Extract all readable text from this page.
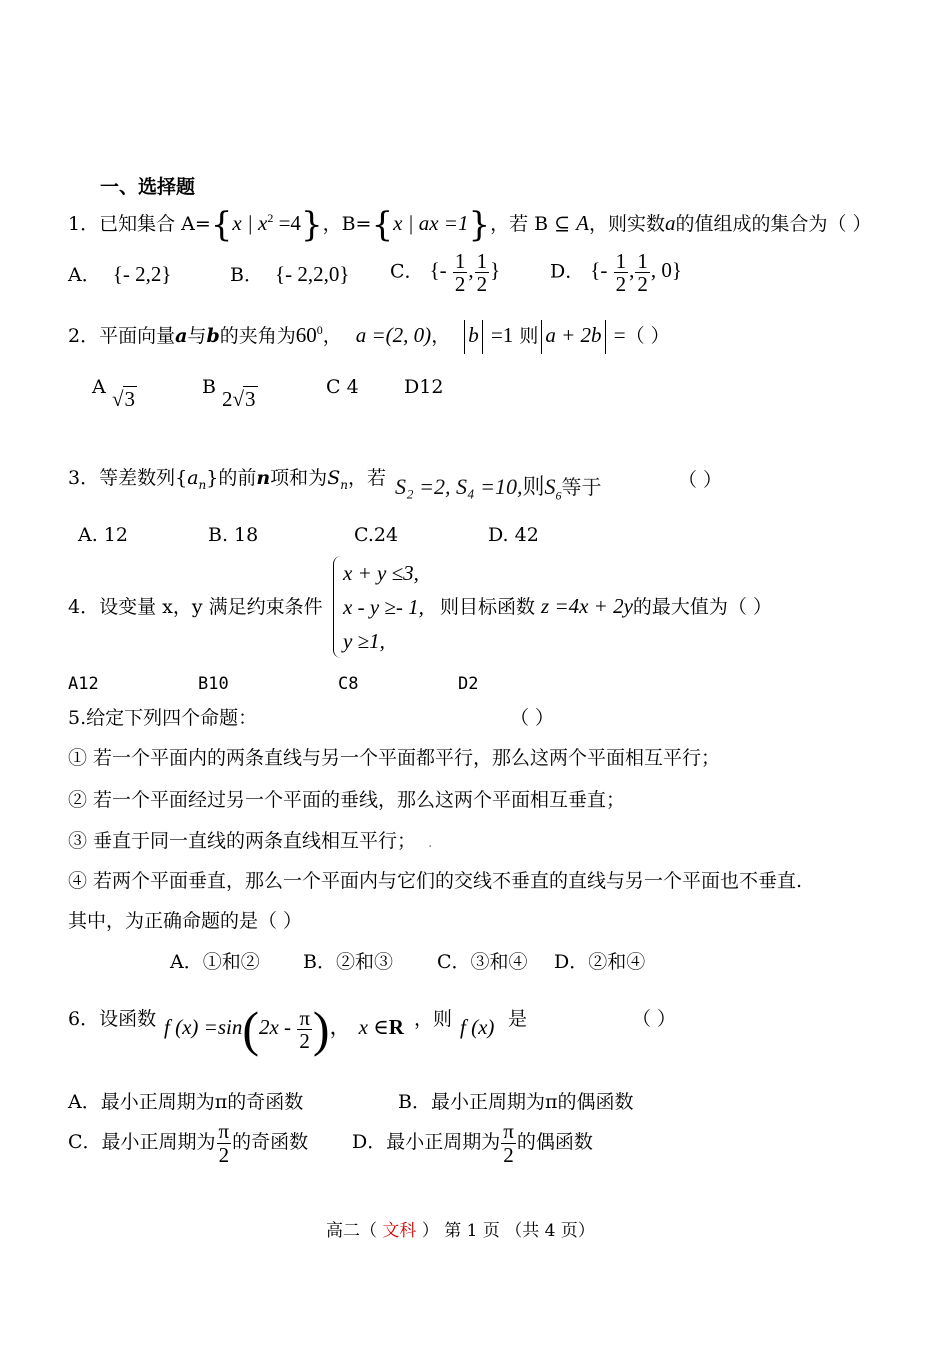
一、选择题
1．已知集合 A={x | $x^2 =4$}，B={x | ax =1}，若 B ⊆ A，则实数a的值组成的集合为（ ）
A． {- 2,2}	B． {- 2,2,0} C． {- $\frac{1}{2}$ , $\frac{1}{2}$ }	D． {- $\frac{1}{2}$ , $\frac{1}{2}$ , 0}
2．平面向量a与b的夹角为$60^0$， a =(2, 0)， b =1 则 a + 2b =（ ）
A √ 3	B 2 √ 3	C 4 D12
3．等差数列$\{a_n\}$的前n项和为$S_n$，若 S₂ =2, S₄ =10,则$S_6$等于	（ ）
A. 12	B. 18	C.24	D. 42
4．设变量 x，y 满足约束条件
x + y ≤3,
x - y ≥- 1,
y ≥1,
则目标函数 z =4x + 2y的最大值为（ ）
A12	B10	C8	D2
5.给定下列四个命题：	（ ）
① 若一个平面内的两条直线与另一个平面都平行，那么这两个平面相互平行；
② 若一个平面经过另一个平面的垂线，那么这两个平面相互垂直；
③ 垂直于同一直线的两条直线相互平行； .
④ 若两个平面垂直，那么一个平面内与它们的交线不垂直的直线与另一个平面也不垂直.
其中，为正确命题的是（ ）
A．①和② B．②和③ C．③和④ D．②和④
6．设函数 f $(x) =\sin(2x - \frac{\pi}{2}$ )， x ∈R ，则 f (x) 是	（ ）
A．最小正周期为π的奇函数	B．最小正周期为π的偶函数
C．最小正周期为 $\frac{\pi}{2}$ 的奇函数 D．最小正周期为 $\frac{\pi}{2}$ 的偶函数
高二（ 文科 ） 第 1 页 （共 4 页）
